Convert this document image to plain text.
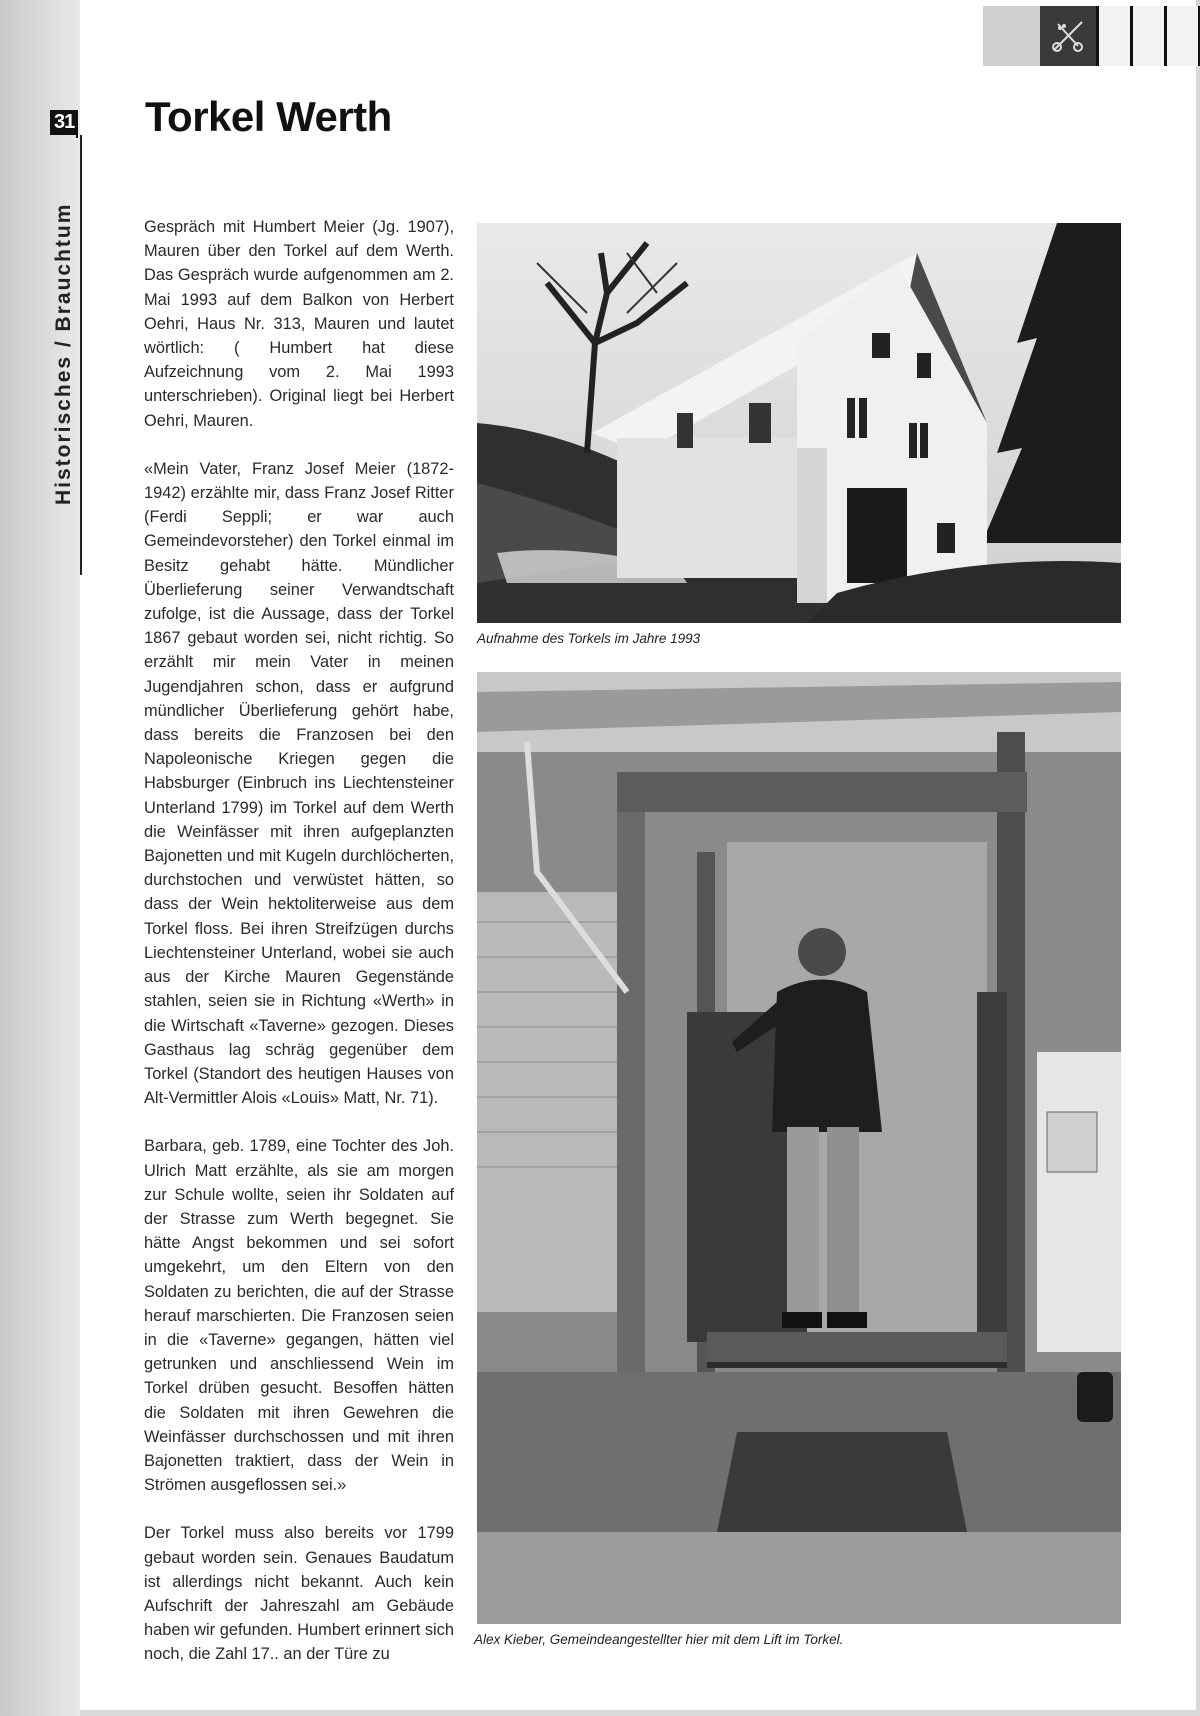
31
Historisches / Brauchtum
Torkel Werth

Gespräch mit Humbert Meier (Jg. 1907), Mauren über den Torkel auf dem Werth. Das Gespräch wurde aufgenommen am 2. Mai 1993 auf dem Balkon von Herbert Oehri, Haus Nr. 313, Mauren und lautet wörtlich: ( Humbert hat diese Aufzeichnung vom 2. Mai 1993 unterschrieben). Original liegt bei Herbert Oehri, Mauren.

«Mein Vater, Franz Josef Meier (1872-1942) erzählte mir, dass Franz Josef Ritter (Ferdi Seppli; er war auch Gemeindevorsteher) den Torkel einmal im Besitz gehabt hätte. Mündlicher Überlieferung seiner Verwandtschaft zufolge, ist die Aussage, dass der Torkel 1867 gebaut worden sei, nicht richtig. So erzählt mir mein Vater in meinen Jugendjahren schon, dass er aufgrund mündlicher Überlieferung gehört habe, dass bereits die Franzosen bei den Napoleonische Kriegen gegen die Habsburger (Einbruch ins Liechtensteiner Unterland 1799) im Torkel auf dem Werth die Weinfässer mit ihren aufgeplanzten Bajonetten und mit Kugeln durchlöcherten, durchstochen und verwüstet hätten, so dass der Wein hektoliterweise aus dem Torkel floss. Bei ihren Streifzügen durchs Liechtensteiner Unterland, wobei sie auch aus der Kirche Mauren Gegenstände stahlen, seien sie in Richtung «Werth» in die Wirtschaft «Taverne» gezogen. Dieses Gasthaus lag schräg gegenüber dem Torkel (Standort des heutigen Hauses von Alt-Vermittler Alois «Louis» Matt, Nr. 71).

Barbara, geb. 1789, eine Tochter des Joh. Ulrich Matt erzählte, als sie am morgen zur Schule wollte, seien ihr Soldaten auf der Strasse zum Werth begegnet. Sie hätte Angst bekommen und sei sofort umgekehrt, um den Eltern von den Soldaten zu berichten, die auf der Strasse herauf marschierten. Die Franzosen seien in die «Taverne» gegangen, hätten viel getrunken und anschliessend Wein im Torkel drüben gesucht. Besoffen hätten die Soldaten mit ihren Gewehren die Weinfässer durchschossen und mit ihren Bajonetten traktiert, dass der Wein in Strömen ausgeflossen sei.»

Der Torkel muss also bereits vor 1799 gebaut worden sein. Genaues Baudatum ist allerdings nicht bekannt. Auch kein Aufschrift der Jahreszahl am Gebäude haben wir gefunden. Humbert erinnert sich noch, die Zahl 17.. an der Türe zu

Aufnahme des Torkels im Jahre 1993
Alex Kieber, Gemeindeangestellter hier mit dem Lift im Torkel.
